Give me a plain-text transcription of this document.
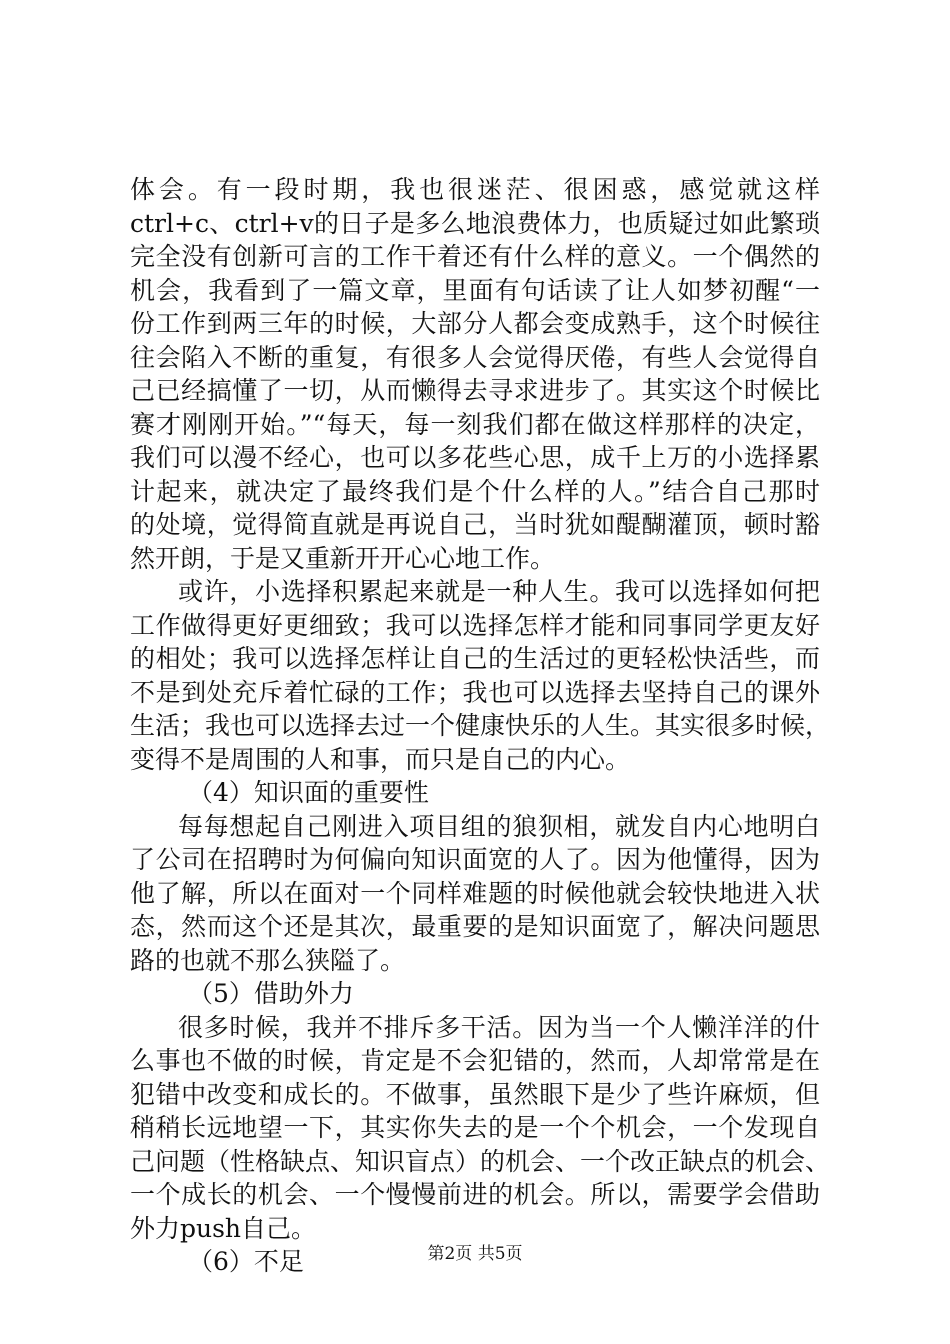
体会。有一段时期，我也很迷茫、很困惑，感觉就这样
ctrl+c、ctrl+v的日子是多么地浪费体力，也质疑过如此繁琐
完全没有创新可言的工作干着还有什么样的意义。一个偶然的
机会，我看到了一篇文章，里面有句话读了让人如梦初醒“一
份工作到两三年的时候，大部分人都会变成熟手，这个时候往
往会陷入不断的重复，有很多人会觉得厌倦，有些人会觉得自
己已经搞懂了一切，从而懒得去寻求进步了。其实这个时候比
赛才刚刚开始。”“每天，每一刻我们都在做这样那样的决定，
我们可以漫不经心，也可以多花些心思，成千上万的小选择累
计起来，就决定了最终我们是个什么样的人。”结合自己那时
的处境，觉得简直就是再说自己，当时犹如醍醐灌顶，顿时豁
然开朗，于是又重新开开心心地工作。
或许，小选择积累起来就是一种人生。我可以选择如何把
工作做得更好更细致；我可以选择怎样才能和同事同学更友好
的相处；我可以选择怎样让自己的生活过的更轻松快活些，而
不是到处充斥着忙碌的工作；我也可以选择去坚持自己的课外
生活；我也可以选择去过一个健康快乐的人生。其实很多时候，
变得不是周围的人和事，而只是自己的内心。
（4）知识面的重要性
每每想起自己刚进入项目组的狼狈相，就发自内心地明白
了公司在招聘时为何偏向知识面宽的人了。因为他懂得，因为
他了解，所以在面对一个同样难题的时候他就会较快地进入状
态，然而这个还是其次，最重要的是知识面宽了，解决问题思
路的也就不那么狭隘了。
（5）借助外力
很多时候，我并不排斥多干活。因为当一个人懒洋洋的什
么事也不做的时候，肯定是不会犯错的，然而，人却常常是在
犯错中改变和成长的。不做事，虽然眼下是少了些许麻烦，但
稍稍长远地望一下，其实你失去的是一个个机会，一个发现自
己问题（性格缺点、知识盲点）的机会、一个改正缺点的机会、
一个成长的机会、一个慢慢前进的机会。所以，需要学会借助
外力push自己。
（6）不足	第2页 共5页
